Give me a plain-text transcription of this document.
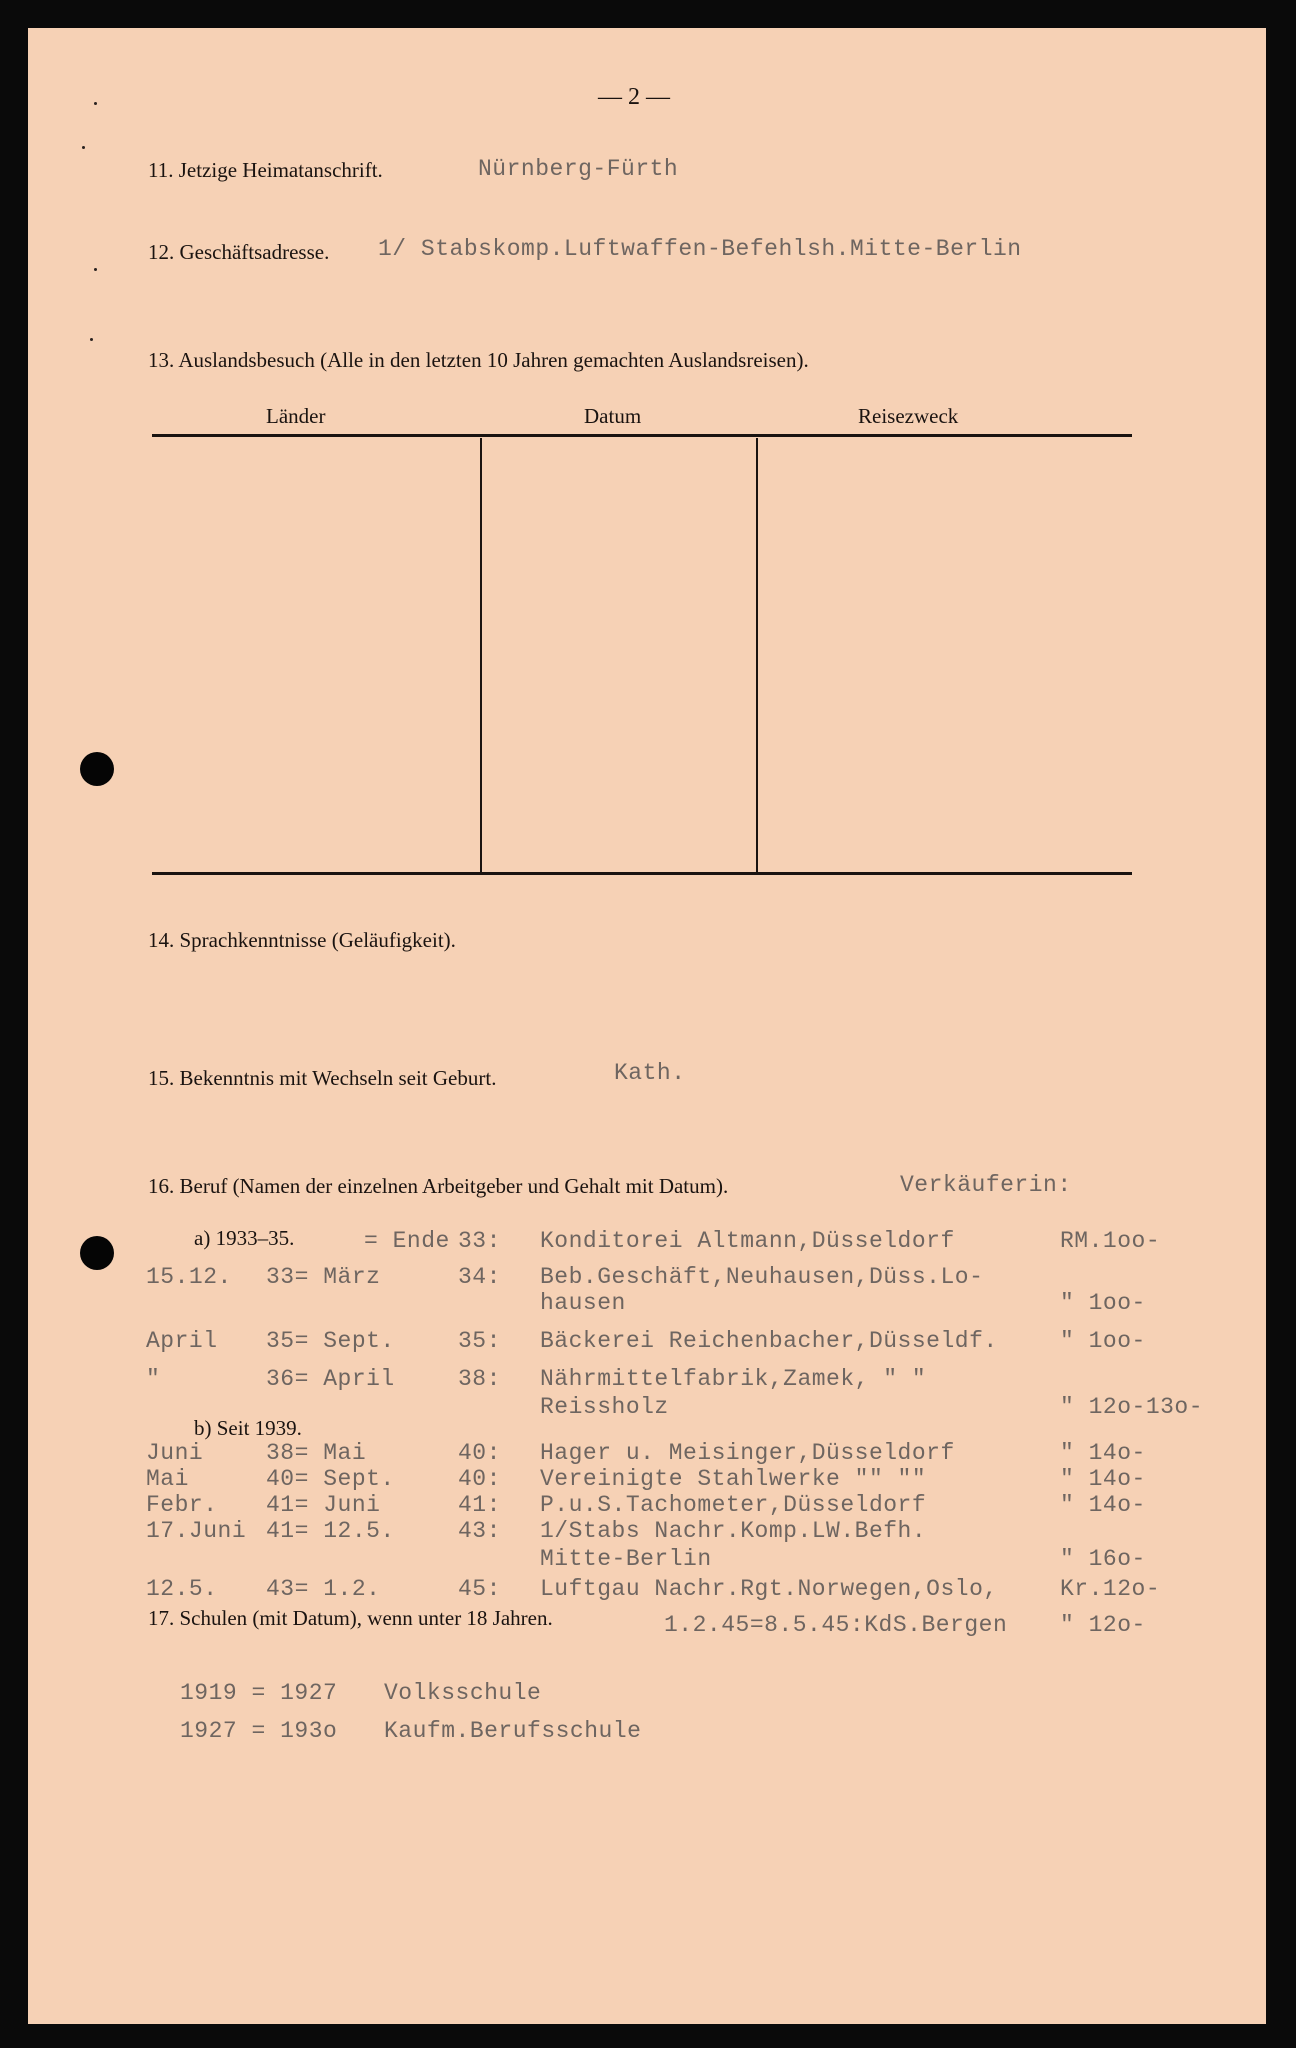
— 2 —
11. Jetzige Heimatanschrift.	Nürnberg-Fürth
12. Geschäftsadresse. 1/ Stabskomp.Luftwaffen-Befehlsh.Mitte-Berlin
13. Auslandsbesuch (Alle in den letzten 10 Jahren gemachten Auslandsreisen).
Länder	Datum	Reisezweck
14. Sprachkenntnisse (Geläufigkeit).
15. Bekenntnis mit Wechseln seit Geburt.	Kath.
16. Beruf (Namen der einzelnen Arbeitgeber und Gehalt mit Datum).	Verkäuferin:
a) 1933–35.
b) Seit 1939.
= Ende 33: Konditorei Altmann,Düsseldorf	RM.1oo-
15.12. 33= März	34: Beb.Geschäft,Neuhausen,Düss.Lo-
hausen	" 1oo-
April 35= Sept.	35: Bäckerei Reichenbacher,Düsseldf.	" 1oo-
"	36= April	38: Nährmittelfabrik,Zamek, " "
Reissholz	" 12o-13o-
Juni	38= Mai	40: Hager u. Meisinger,Düsseldorf	" 14o-
Mai	40= Sept.	40: Vereinigte Stahlwerke "" ""	" 14o-
Febr. 41= Juni	41: P.u.S.Tachometer,Düsseldorf	" 14o-
17.Juni 41= 12.5.	43: 1/Stabs Nachr.Komp.LW.Befh.
Mitte-Berlin	" 16o-
12.5. 43= 1.2.	45: Luftgau Nachr.Rgt.Norwegen,Oslo,	Kr.12o-
1.2.45=8.5.45:KdS.Bergen " 12o-
17. Schulen (mit Datum), wenn unter 18 Jahren.
1919 = 1927 Volksschule
1927 = 193o Kaufm.Berufsschule
